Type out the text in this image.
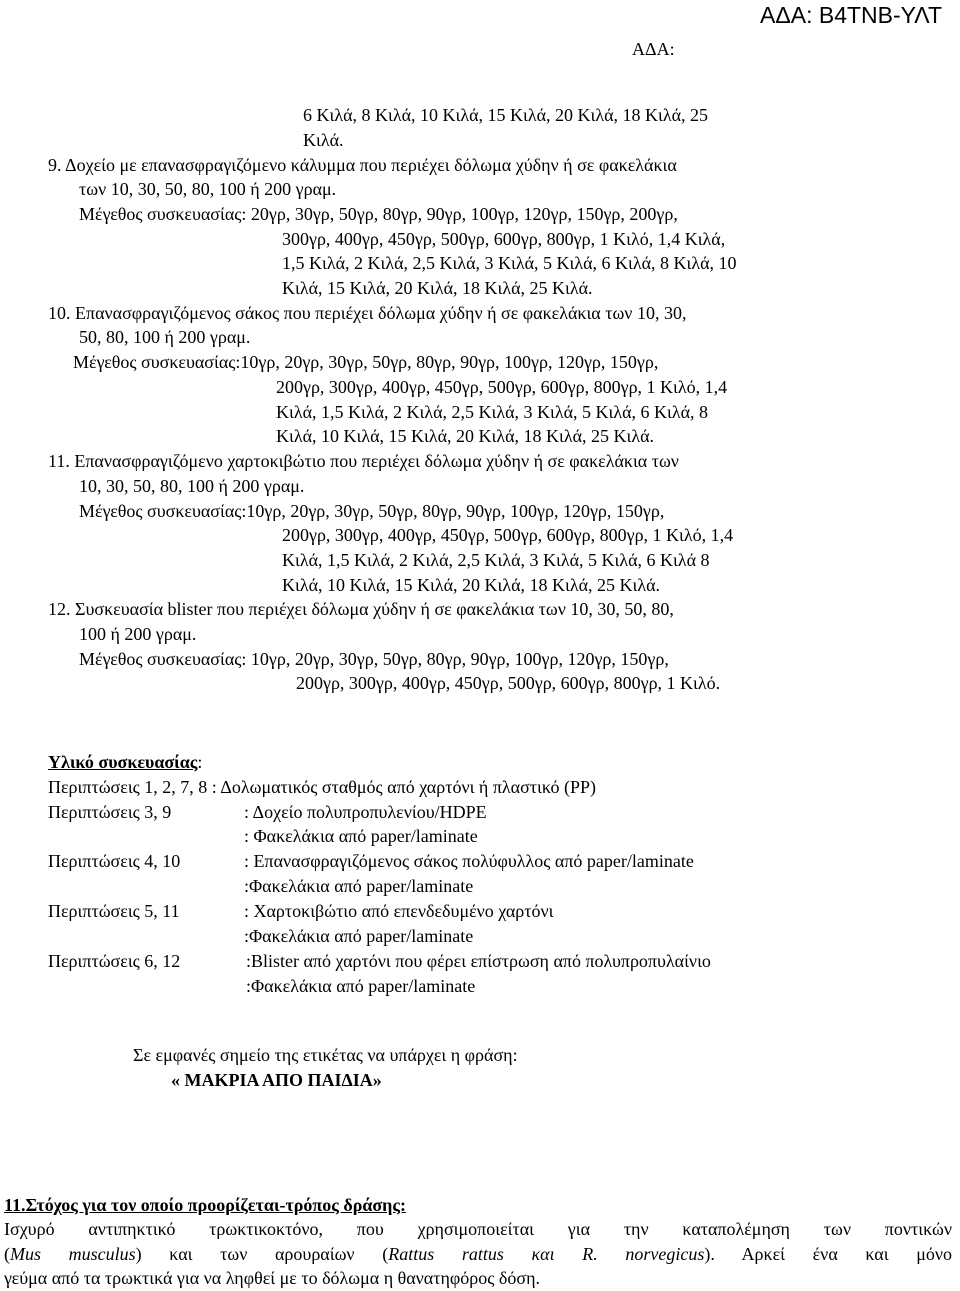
ΑΔΑ: Β4ΤΝΒ-ΥΛΤ
ΑΔΑ:
6 Κιλά, 8 Κιλά, 10 Κιλά, 15 Κιλά, 20 Κιλά, 18 Κιλά, 25
Κιλά.
9. Δοχείο με επανασφραγιζόμενο κάλυμμα που περιέχει δόλωμα χύδην ή σε φακελάκια
των 10, 30, 50, 80, 100 ή 200 γραμ.
Μέγεθος συσκευασίας: 20γρ, 30γρ, 50γρ, 80γρ, 90γρ, 100γρ, 120γρ, 150γρ, 200γρ,
300γρ, 400γρ, 450γρ, 500γρ, 600γρ, 800γρ, 1 Κιλό, 1,4 Κιλά,
1,5 Κιλά, 2 Κιλά, 2,5 Κιλά, 3 Κιλά, 5 Κιλά, 6 Κιλά, 8 Κιλά, 10
Κιλά, 15 Κιλά, 20 Κιλά, 18 Κιλά, 25 Κιλά.
10. Επανασφραγιζόμενος σάκος που περιέχει δόλωμα χύδην ή σε φακελάκια των 10, 30,
50, 80, 100 ή 200 γραμ.
Μέγεθος συσκευασίας:10γρ, 20γρ, 30γρ, 50γρ, 80γρ, 90γρ, 100γρ, 120γρ, 150γρ,
200γρ, 300γρ, 400γρ, 450γρ, 500γρ, 600γρ, 800γρ, 1 Κιλό, 1,4
Κιλά, 1,5 Κιλά, 2 Κιλά, 2,5 Κιλά, 3 Κιλά, 5 Κιλά, 6 Κιλά, 8
Κιλά, 10 Κιλά, 15 Κιλά, 20 Κιλά, 18 Κιλά, 25 Κιλά.
11. Επανασφραγιζόμενο χαρτοκιβώτιο που περιέχει δόλωμα χύδην ή σε φακελάκια των
10, 30, 50, 80, 100 ή 200 γραμ.
Μέγεθος συσκευασίας:10γρ, 20γρ, 30γρ, 50γρ, 80γρ, 90γρ, 100γρ, 120γρ, 150γρ,
200γρ, 300γρ, 400γρ, 450γρ, 500γρ, 600γρ, 800γρ, 1 Κιλό, 1,4
Κιλά, 1,5 Κιλά, 2 Κιλά, 2,5 Κιλά, 3 Κιλά, 5 Κιλά, 6 Κιλά 8
Κιλά, 10 Κιλά, 15 Κιλά, 20 Κιλά, 18 Κιλά, 25 Κιλά.
12. Συσκευασία blister που περιέχει δόλωμα χύδην ή σε φακελάκια των 10, 30, 50, 80,
100 ή 200 γραμ.
Μέγεθος συσκευασίας: 10γρ, 20γρ, 30γρ, 50γρ, 80γρ, 90γρ, 100γρ, 120γρ, 150γρ,
200γρ, 300γρ, 400γρ, 450γρ, 500γρ, 600γρ, 800γρ, 1 Κιλό.
Υλικό συσκευασίας:
Περιπτώσεις 1, 2, 7, 8 : Δολωματικός σταθμός από χαρτόνι ή πλαστικό (PP)
Περιπτώσεις 3, 9	: Δοχείο πολυπροπυλενίου/HDPE
: Φακελάκια από paper/laminate
Περιπτώσεις 4, 10	: Επανασφραγιζόμενος σάκος πολύφυλλος από paper/laminate
:Φακελάκια από paper/laminate
Περιπτώσεις 5, 11	: Χαρτοκιβώτιο από επενδεδυμένο χαρτόνι
:Φακελάκια από paper/laminate
Περιπτώσεις 6, 12	:Blister από χαρτόνι που φέρει επίστρωση από πολυπροπυλαίνιο
:Φακελάκια από paper/laminate
Σε εμφανές σημείο της ετικέτας να υπάρχει η φράση:
« ΜΑΚΡΙΑ ΑΠΟ ΠΑΙΔΙΑ»
11.Στόχος για τον οποίο προορίζεται-τρόπος δράσης:
Ισχυρό αντιπηκτικό τρωκτικοκτόνο, που χρησιμοποιείται για την καταπολέμηση των ποντικών
(Mus musculus) και των αρουραίων (Rattus rattus και R. norvegicus). Αρκεί ένα και μόνο
γεύμα από τα τρωκτικά για να ληφθεί με το δόλωμα η θανατηφόρος δόση.
